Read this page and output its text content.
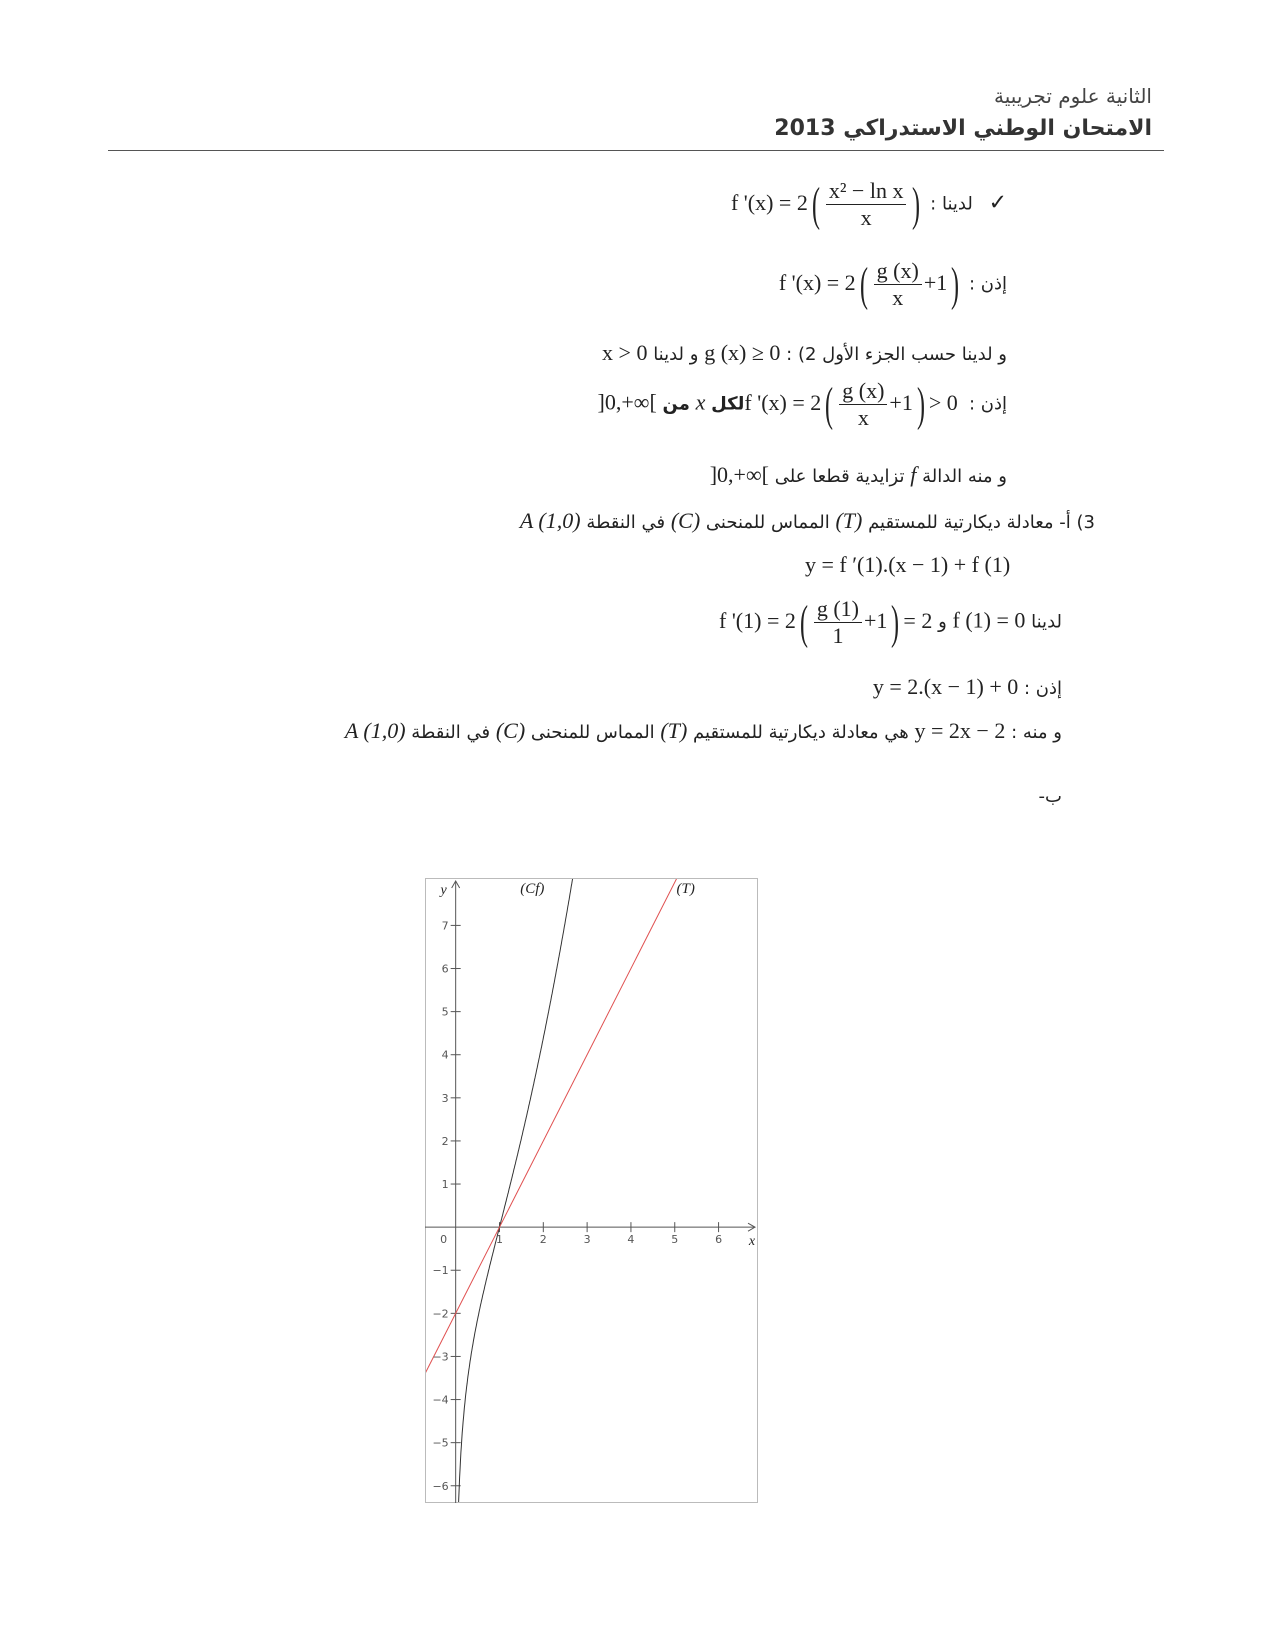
الثانية علوم تجريبية
الامتحان الوطني الاستدراكي 2013
✓ لدينا : f '$(x) = 2( \frac{\text{x² − ln x}}{x}$ )
إذن : f '$(x) = 2( \frac{g (x)}{x} +1)$
و لدينا حسب الجزء الأول 2) : g (x) ≥ 0 و لدينا x > 0
إذن : f '$(x) = 2( \frac{g (x)}{x} +1) > 0$ لكل x من ]0,+∞[
و منه الدالة f تزايدية قطعا على ]0,+∞[
3) أ- معادلة ديكارتية للمستقيم (T) المماس للمنحنى (C) في النقطة A (1,0)
y = f ′(1).(x − 1) + f (1)
لدينا f (1) = 0 و f '$(1) = 2( \frac{g (1)}{1} +1) = 2$
إذن : y = 2.(x − 1) + 0
و منه : y = 2x − 2 هي معادلة ديكارتية للمستقيم (T) المماس للمنحنى (C) في النقطة A (1,0)
ب-
1	2	3	4	5	6
−6
−5
−4
−3
−2
−1
1
2
3
4
5
6
7
0	x
y	(Cf)	(T)
